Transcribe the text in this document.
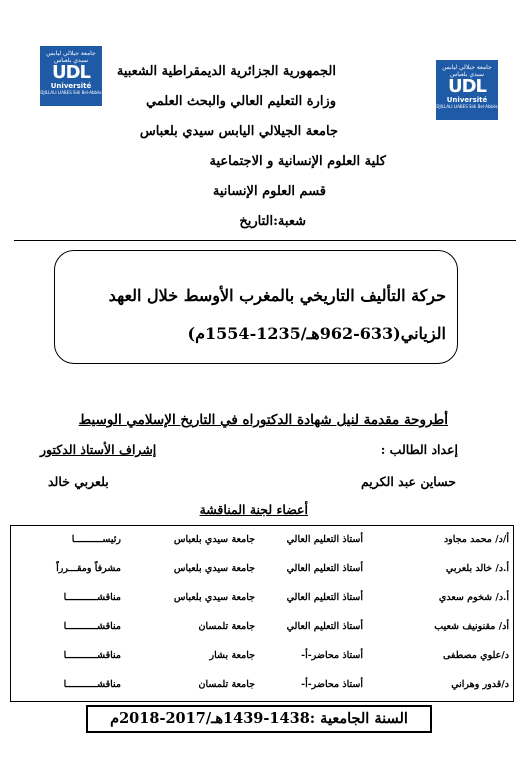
جامعة جيلالي ليابس سيدي بلعباس
UDL
Université
DJILLALI LIABES Sidi Bel-Abbès
جامعة جيلالي ليابس سيدي بلعباس
UDL
Université
DJILLALI LIABES Sidi Bel-Abbès
الجمهورية الجزائرية الديمقراطية الشعبية
وزارة التعليم العالي والبحث العلمي
جامعة الجيلالي اليابس سيدي بلعباس
كلية العلوم الإنسانية و الاجتماعية
قسم العلوم الإنسانية
شعبة:التاريخ
حركة التأليف التاريخي بالمغرب الأوسط خلال العهد
الزياني(633-962هـ/1235-1554م)
أطروحة مقدمة لنيل شهادة الدكتوراه في التاريخ الإسلامي الوسيط
إعداد الطالب :
إشراف الأستاذ الدكتور
حساين عبد الكريم
بلعربي خالد
أعضاء لجنة المناقشة
أ/د/ محمد مجاود
أستاذ التعليم العالي
جامعة سيدي بلعباس
رئيســــــــــا
أ.د/ خالد بلعربي
أستاذ التعليم العالي
جامعة سيدي بلعباس
مشرفاً ومقـــرراً
أ.د/ شخوم سعدي
أستاذ التعليم العالي
جامعة سيدي بلعباس
مناقشـــــــــــا
أد/ مقنونيف شعيب
أستاذ التعليم العالي
جامعة تلمسان
مناقشـــــــــــا
د/علوي مصطفى
أستاذ محاضر-أ-
جامعة بشار
مناقشـــــــــــا
د/قدور وهراني
أستاذ محاضر-أ-
جامعة تلمسان
مناقشـــــــــــا
السنة الجامعية :1438-1439هـ/2017-2018م
